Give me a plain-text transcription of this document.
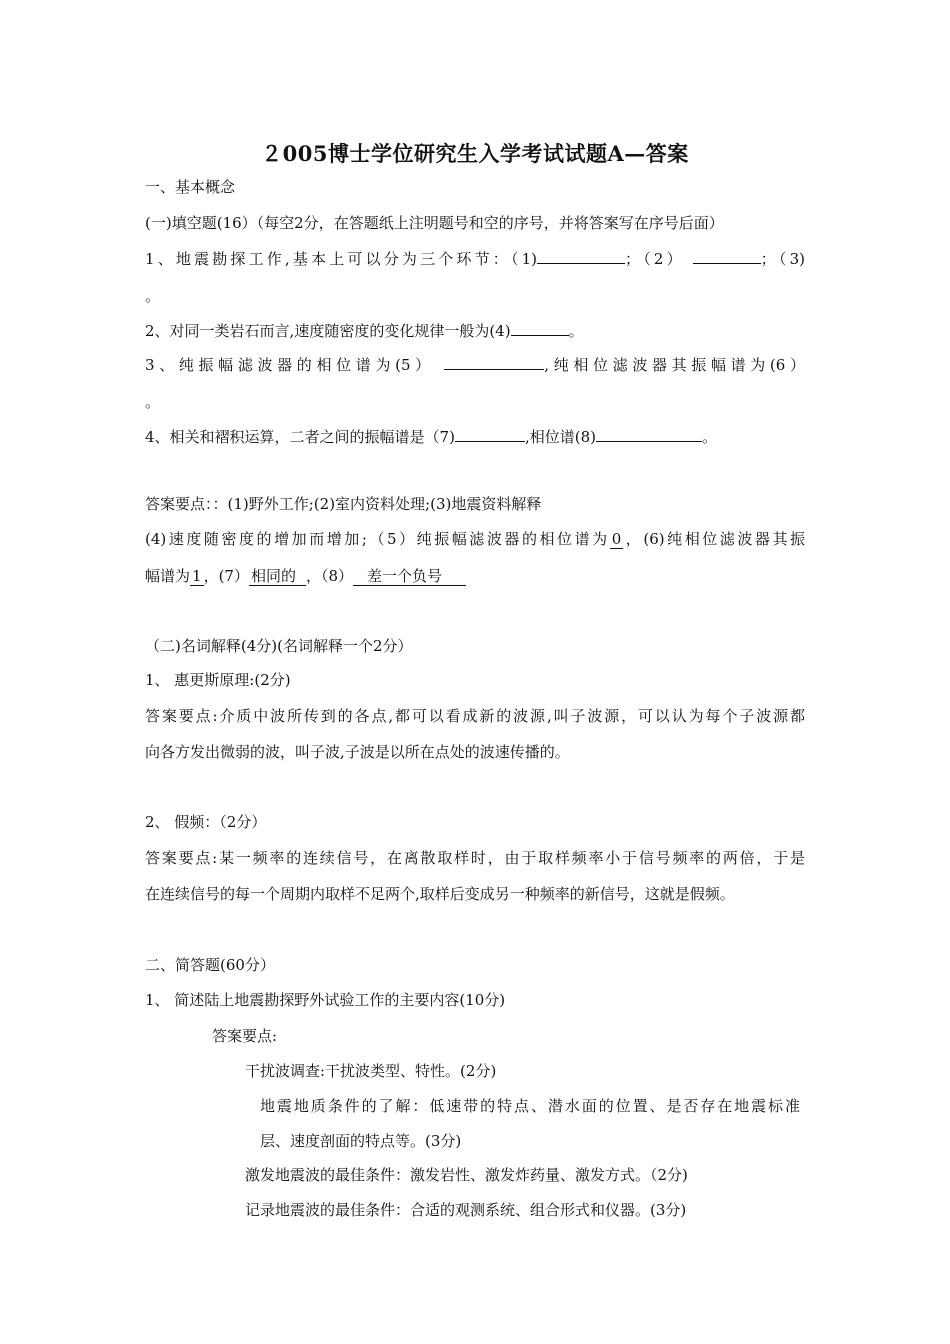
２005博士学位研究生入学考试试题A—答案
一、基本概念
(一)填空题(16）（每空2分，在答题纸上注明题号和空的序号，并将答案写在序号后面）
1、地震勘探工作,基本上可以分为三个环节：（1)	；（2）	；（3)
。
2、对同一类岩石而言,速度随密度的变化规律一般为(4)	。
3、纯振幅滤波器的相位谱为(5）	,纯相位滤波器其振幅谱为(6）
。
4、相关和褶积运算，二者之间的振幅谱是（7)	,相位谱(8)	。
答案要点：：(1)野外工作;(2)室内资料处理;(3)地震资料解释
(4)速度随密度的增加而增加;（5）纯振幅滤波器的相位谱为 0 ，(6)纯相位滤波器其振
幅谱为 1 ，(7） 相同的 ，（8） 差一个负号
（二)名词解释(4分)(名词解释一个2分）
1、 惠更斯原理:(2分)
答案要点:介质中波所传到的各点,都可以看成新的波源,叫子波源，可以认为每个子波源都
向各方发出微弱的波，叫子波,子波是以所在点处的波速传播的。
2、 假频：（2分）
答案要点:某一频率的连续信号，在离散取样时，由于取样频率小于信号频率的两倍，于是
在连续信号的每一个周期内取样不足两个,取样后变成另一种频率的新信号，这就是假频。
二、简答题(60分）
1、 简述陆上地震勘探野外试验工作的主要内容(10分)
答案要点:
干扰波调查:干扰波类型、特性。(2分)
地震地质条件的了解：低速带的特点、潜水面的位置、是否存在地震标准
层、速度剖面的特点等。(3分)
激发地震波的最佳条件：激发岩性、激发炸药量、激发方式。（2分)
记录地震波的最佳条件：合适的观测系统、组合形式和仪器。(3分)
